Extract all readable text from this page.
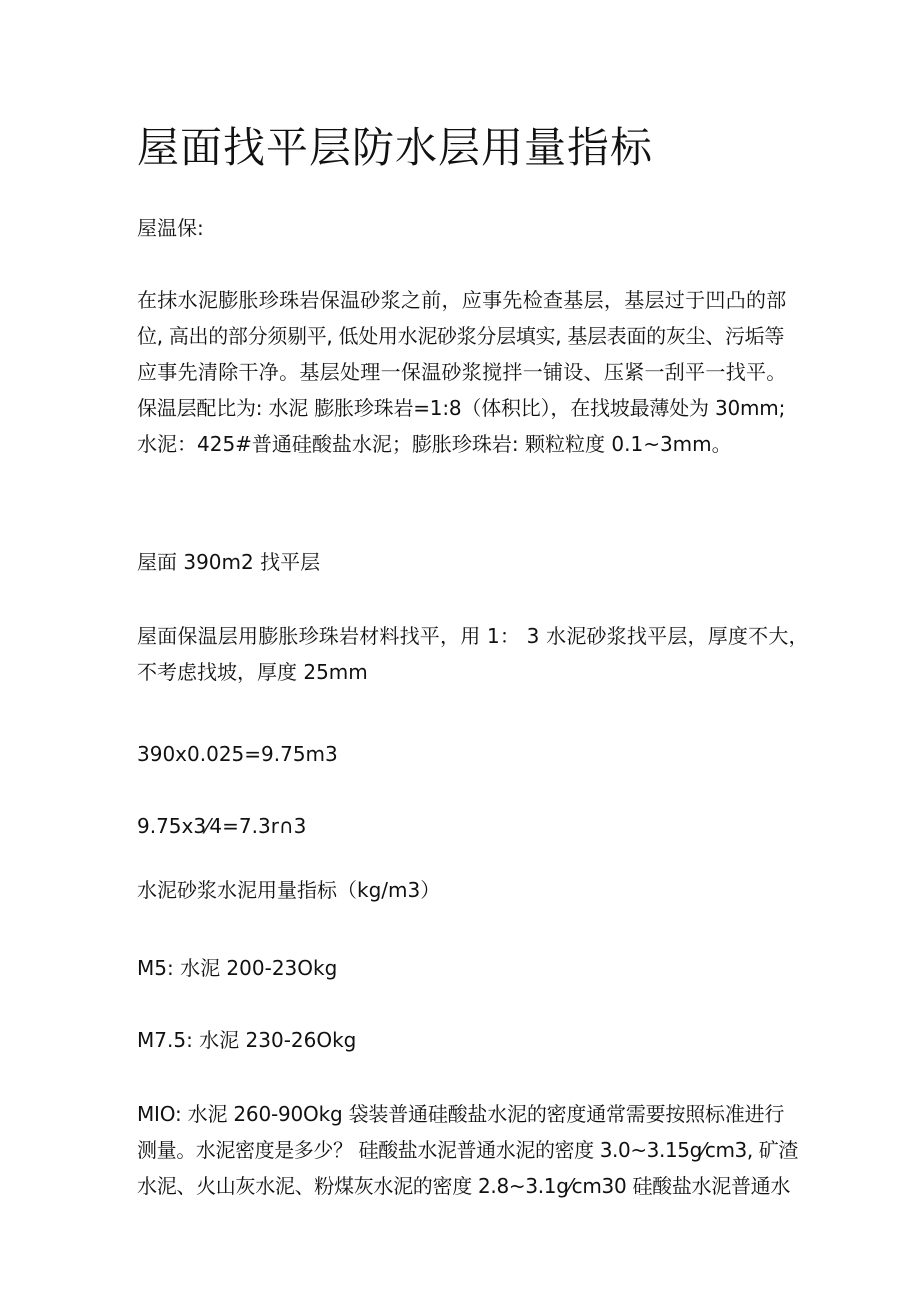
屋面找平层防水层用量指标

屋温保:

在抹水泥膨胀珍珠岩保温砂浆之前，应事先检查基层，基层过于凹凸的部
位, 高出的部分须剔平, 低处用水泥砂浆分层填实, 基层表面的灰尘、污垢等
应事先清除干净。基层处理一保温砂浆搅拌一铺设、压紧一刮平一找平。
保温层配比为: 水泥 膨胀珍珠岩=1:8（体积比），在找坡最薄处为 30mm;
水泥：425#普通硅酸盐水泥；膨胀珍珠岩: 颗粒粒度 0.1~3mm。

屋面 390m2 找平层

屋面保温层用膨胀珍珠岩材料找平，用 1： 3 水泥砂浆找平层，厚度不大，
不考虑找坡，厚度 25mm

390x0.025=9.75m3

9.75x3⁄4=7.3r∩3

水泥砂浆水泥用量指标（kg/m3）

M5: 水泥 200-23Okg

M7.5: 水泥 230-26Okg

MIO: 水泥 260-90Okg 袋装普通硅酸盐水泥的密度通常需要按照标准进行
测量。水泥密度是多少？ 硅酸盐水泥普通水泥的密度 3.0~3.15g⁄cm3, 矿渣
水泥、火山灰水泥、粉煤灰水泥的密度 2.8~3.1g⁄cm30 硅酸盐水泥普通水
